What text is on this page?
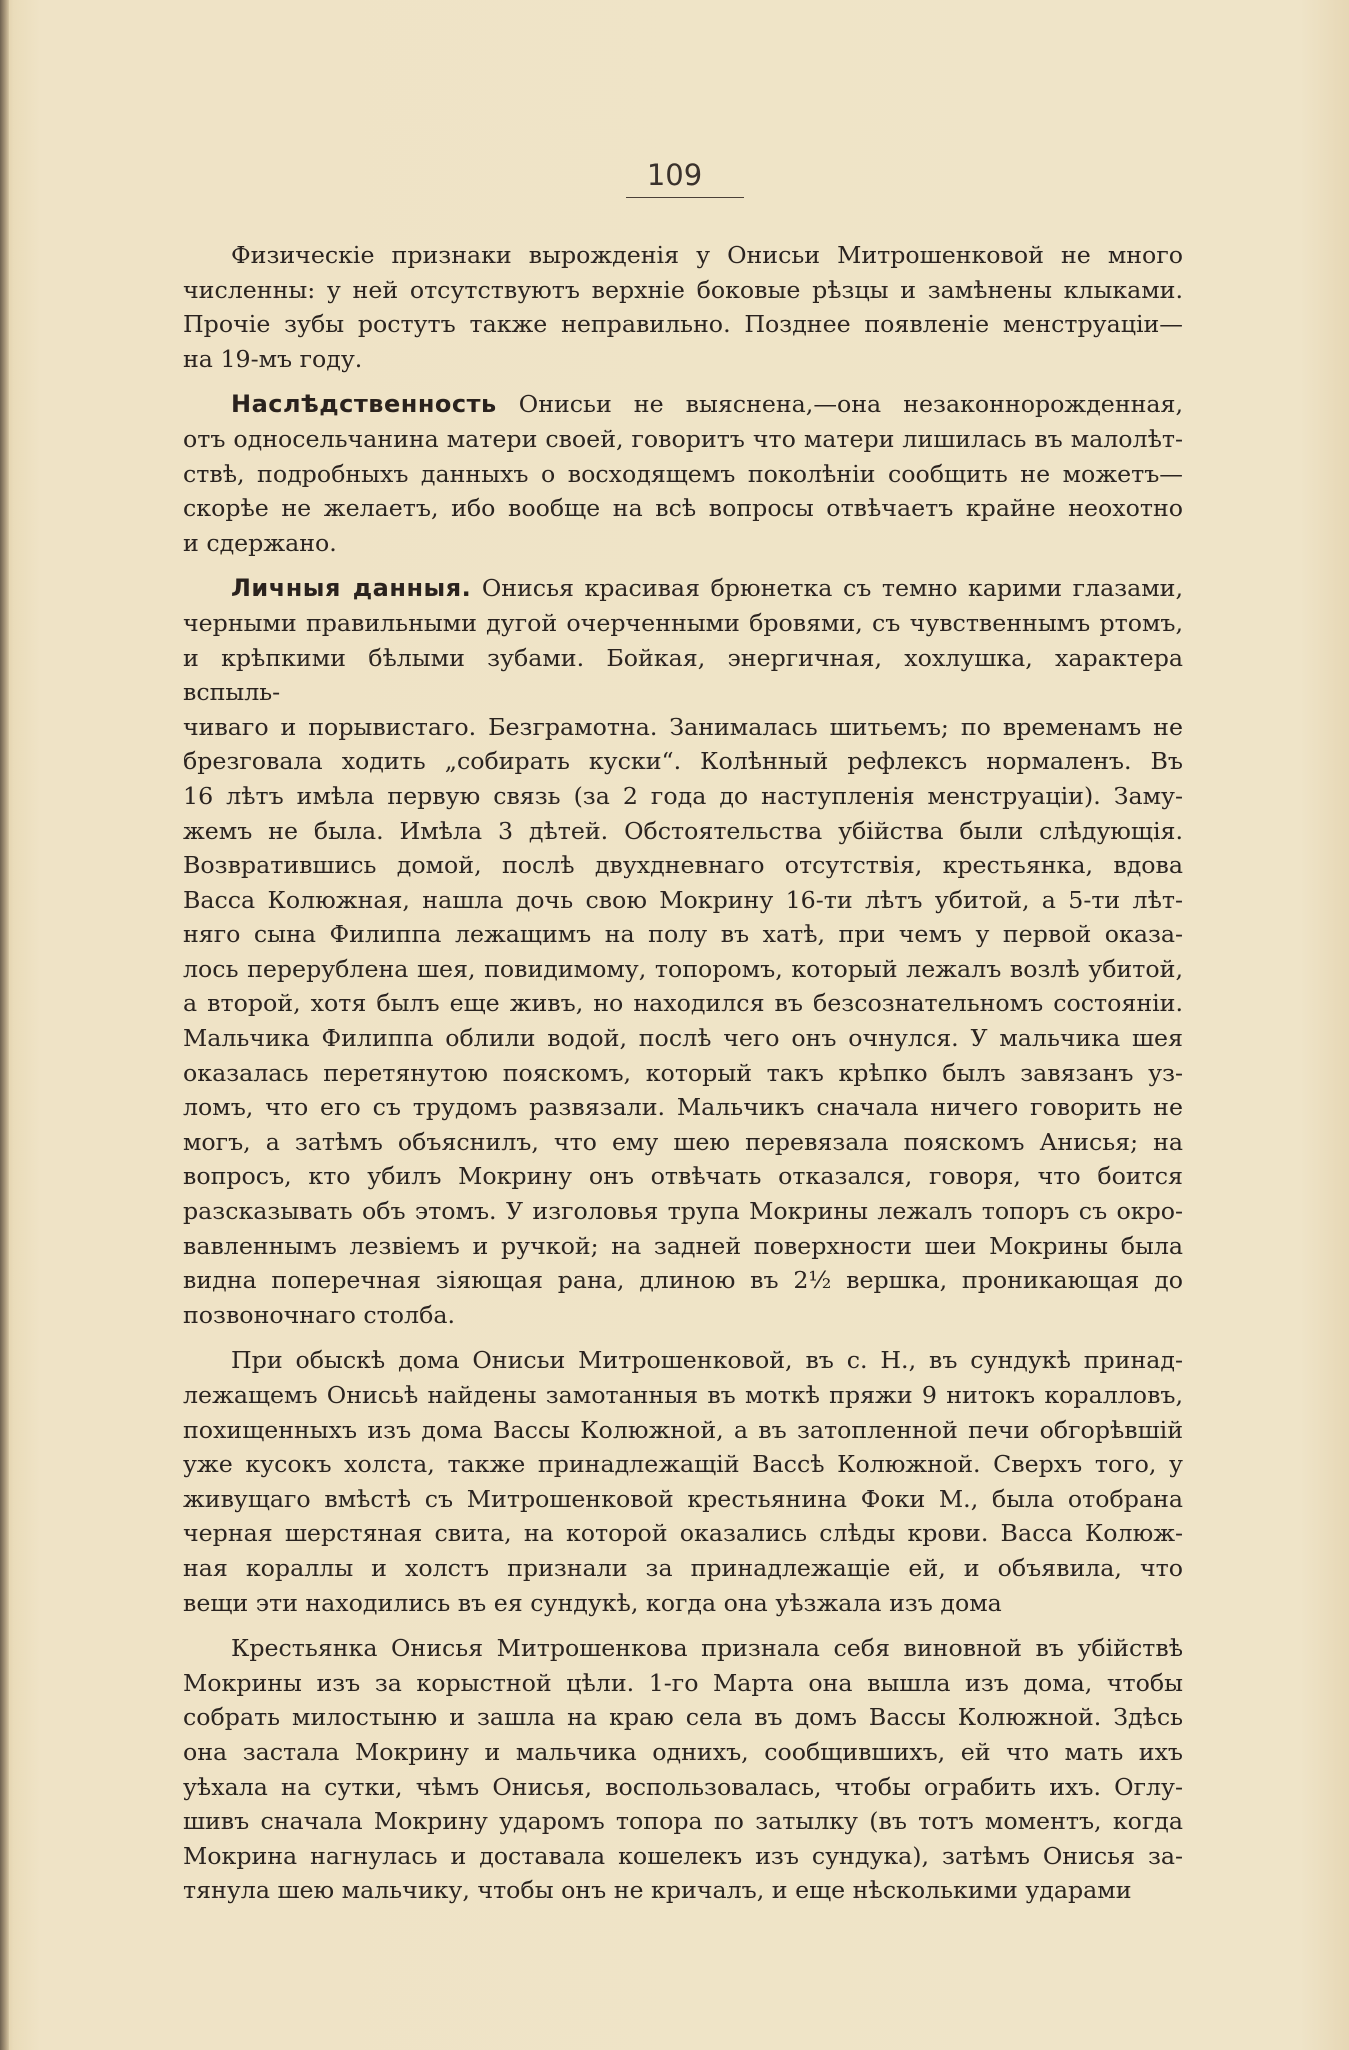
109
Физическіе признаки вырожденія у Онисьи Митрошенковой не много
численны: у ней отсутствуютъ верхніе боковые рѣзцы и замѣнены клыками.
Прочіе зубы ростутъ также неправильно. Позднее появленіе менструаціи—
на 19-мъ году.
Наслѣдственность Онисьи не выяснена,—она незаконнорожденная,
отъ односельчанина матери своей, говоритъ что матери лишилась въ малолѣт-
ствѣ, подробныхъ данныхъ о восходящемъ поколѣніи сообщить не можетъ—
скорѣе не желаетъ, ибо вообще на всѣ вопросы отвѣчаетъ крайне неохотно
и сдержано.
Личныя данныя. Онисья красивая брюнетка съ темно карими глазами,
черными правильными дугой очерченными бровями, съ чувственнымъ ртомъ,
и крѣпкими бѣлыми зубами. Бойкая, энергичная, хохлушка, характера вспыль-
чиваго и порывистаго. Безграмотна. Занималась шитьемъ; по временамъ не
брезговала ходить „собирать куски“. Колѣнный рефлексъ нормаленъ. Въ
16 лѣтъ имѣла первую связь (за 2 года до наступленія менструаціи). Заму-
жемъ не была. Имѣла 3 дѣтей. Обстоятельства убійства были слѣдующія.
Возвратившись домой, послѣ двухдневнаго отсутствія, крестьянка, вдова
Васса Колюжная, нашла дочь свою Мокрину 16-ти лѣтъ убитой, а 5-ти лѣт-
няго сына Филиппа лежащимъ на полу въ хатѣ, при чемъ у первой оказа-
лось перерублена шея, повидимому, топоромъ, который лежалъ возлѣ убитой,
а второй, хотя былъ еще живъ, но находился въ безсознательномъ состояніи.
Мальчика Филиппа облили водой, послѣ чего онъ очнулся. У мальчика шея
оказалась перетянутою пояскомъ, который такъ крѣпко былъ завязанъ уз-
ломъ, что его съ трудомъ развязали. Мальчикъ сначала ничего говорить не
могъ, а затѣмъ объяснилъ, что ему шею перевязала пояскомъ Анисья; на
вопросъ, кто убилъ Мокрину онъ отвѣчать отказался, говоря, что боится
разсказывать объ этомъ. У изголовья трупа Мокрины лежалъ топоръ съ окро-
вавленнымъ лезвіемъ и ручкой; на задней поверхности шеи Мокрины была
видна поперечная зіяющая рана, длиною въ 2½ вершка, проникающая до
позвоночнаго столба.
При обыскѣ дома Онисьи Митрошенковой, въ с. Н., въ сундукѣ принад-
лежащемъ Онисьѣ найдены замотанныя въ моткѣ пряжи 9 нитокъ коралловъ,
похищенныхъ изъ дома Вассы Колюжной, а въ затопленной печи обгорѣвшій
уже кусокъ холста, также принадлежащій Вассѣ Колюжной. Сверхъ того, у
живущаго вмѣстѣ съ Митрошенковой крестьянина Фоки М., была отобрана
черная шерстяная свита, на которой оказались слѣды крови. Васса Колюж-
ная кораллы и холстъ признали за принадлежащіе ей, и объявила, что
вещи эти находились въ ея сундукѣ, когда она уѣзжала изъ дома
Крестьянка Онисья Митрошенкова признала себя виновной въ убійствѣ
Мокрины изъ за корыстной цѣли. 1-го Марта она вышла изъ дома, чтобы
собрать милостыню и зашла на краю села въ домъ Вассы Колюжной. Здѣсь
она застала Мокрину и мальчика однихъ, сообщившихъ, ей что мать ихъ
уѣхала на сутки, чѣмъ Онисья, воспользовалась, чтобы ограбить ихъ. Оглу-
шивъ сначала Мокрину ударомъ топора по затылку (въ тотъ моментъ, когда
Мокрина нагнулась и доставала кошелекъ изъ сундука), затѣмъ Онисья за-
тянула шею мальчику, чтобы онъ не кричалъ, и еще нѣсколькими ударами
